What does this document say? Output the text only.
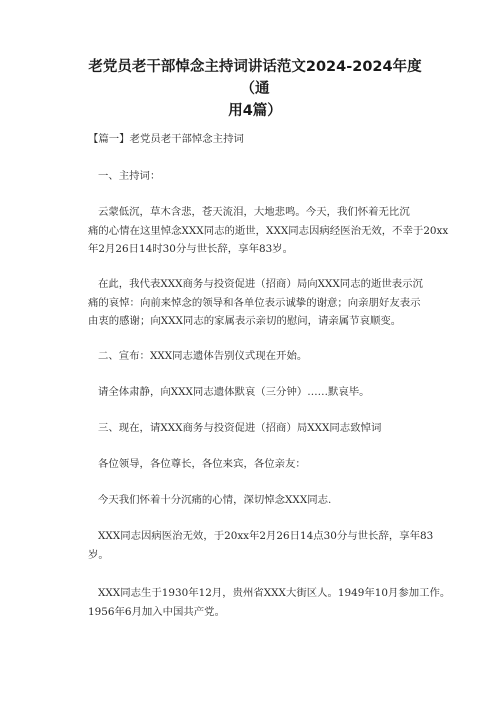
老党员老干部悼念主持词讲话范文2024-2024年度（通
用4篇）

【篇一】老党员老干部悼念主持词

一、主持词：

云蒙低沉，草木含悲，苍天流泪，大地悲鸣。今天，我们怀着无比沉
痛的心情在这里悼念XXX同志的逝世，XXX同志因病经医治无效，不幸于20xx
年2月26日14时30分与世长辞，享年83岁。

在此，我代表XXX商务与投资促进（招商）局向XXX同志的逝世表示沉
痛的哀悼：向前来悼念的领导和各单位表示诚挚的谢意；向亲朋好友表示
由衷的感谢；向XXX同志的家属表示亲切的慰问，请亲属节哀顺变。

二、宣布：XXX同志遗体告别仪式现在开始。

请全体肃静，向XXX同志遗体默哀（三分钟）……默哀毕。

三、现在，请XXX商务与投资促进（招商）局XXX同志致悼词

各位领导，各位尊长，各位来宾，各位亲友：

今天我们怀着十分沉痛的心情，深切悼念XXX同志.

XXX同志因病医治无效，于20xx年2月26日14点30分与世长辞，享年83
岁。

XXX同志生于1930年12月，贵州省XXX大街区人。1949年10月参加工作。
1956年6月加入中国共产党。
